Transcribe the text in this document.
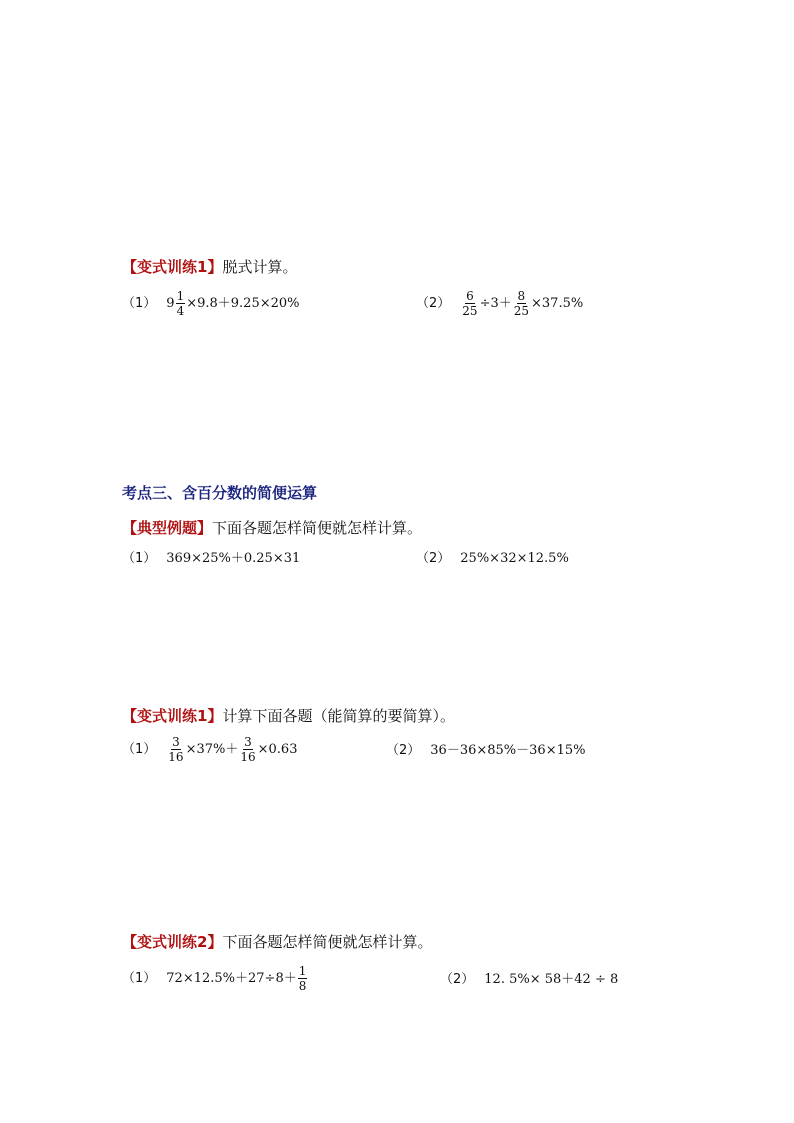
【变式训练1】脱式计算。
（1） $9 \frac{1}{4} \times 9.8+9.25\times 20\%$	$(2) \frac{6}{25} \div 3+ \frac{8}{25} \times 37.5\%$
考点三、含百分数的简便运算
【典型例题】下面各题怎样简便就怎样计算。
（1） 369×25%＋0.25×31	（2） 25%×32×12.5%
【变式训练1】计算下面各题（能简算的要简算）。
$(1) \frac{3}{16} \times 37\%+ \frac{3}{16} \times 0.63$	（2） 36－36×85%－36×15%
【变式训练2】下面各题怎样简便就怎样计算。
（1） $72\times 12.5\%+27\div 8+ \frac{1}{8}$	（2） 12. 5%× 58＋42 ÷ 8
